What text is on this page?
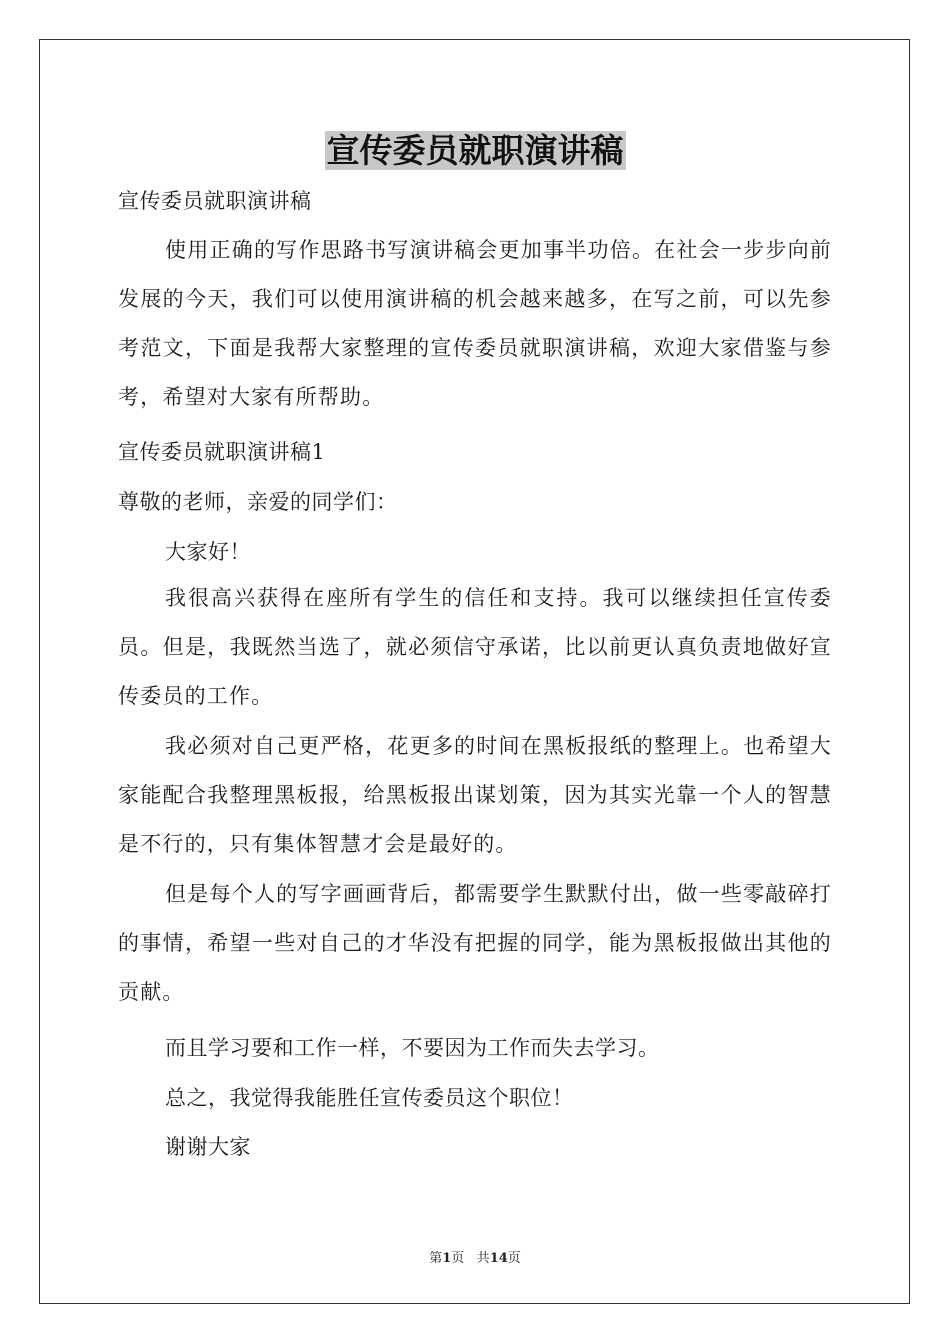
宣传委员就职演讲稿
宣传委员就职演讲稿
使用正确的写作思路书写演讲稿会更加事半功倍。在社会一步步向前发展的今天，我们可以使用演讲稿的机会越来越多，在写之前，可以先参考范文，下面是我帮大家整理的宣传委员就职演讲稿，欢迎大家借鉴与参考，希望对大家有所帮助。
宣传委员就职演讲稿1
尊敬的老师，亲爱的同学们：
大家好！
我很高兴获得在座所有学生的信任和支持。我可以继续担任宣传委员。但是，我既然当选了，就必须信守承诺，比以前更认真负责地做好宣传委员的工作。
我必须对自己更严格，花更多的时间在黑板报纸的整理上。也希望大家能配合我整理黑板报，给黑板报出谋划策，因为其实光靠一个人的智慧是不行的，只有集体智慧才会是最好的。
但是每个人的写字画画背后，都需要学生默默付出，做一些零敲碎打的事情，希望一些对自己的才华没有把握的同学，能为黑板报做出其他的贡献。
而且学习要和工作一样，不要因为工作而失去学习。
总之，我觉得我能胜任宣传委员这个职位！
谢谢大家
第1页 共14页
